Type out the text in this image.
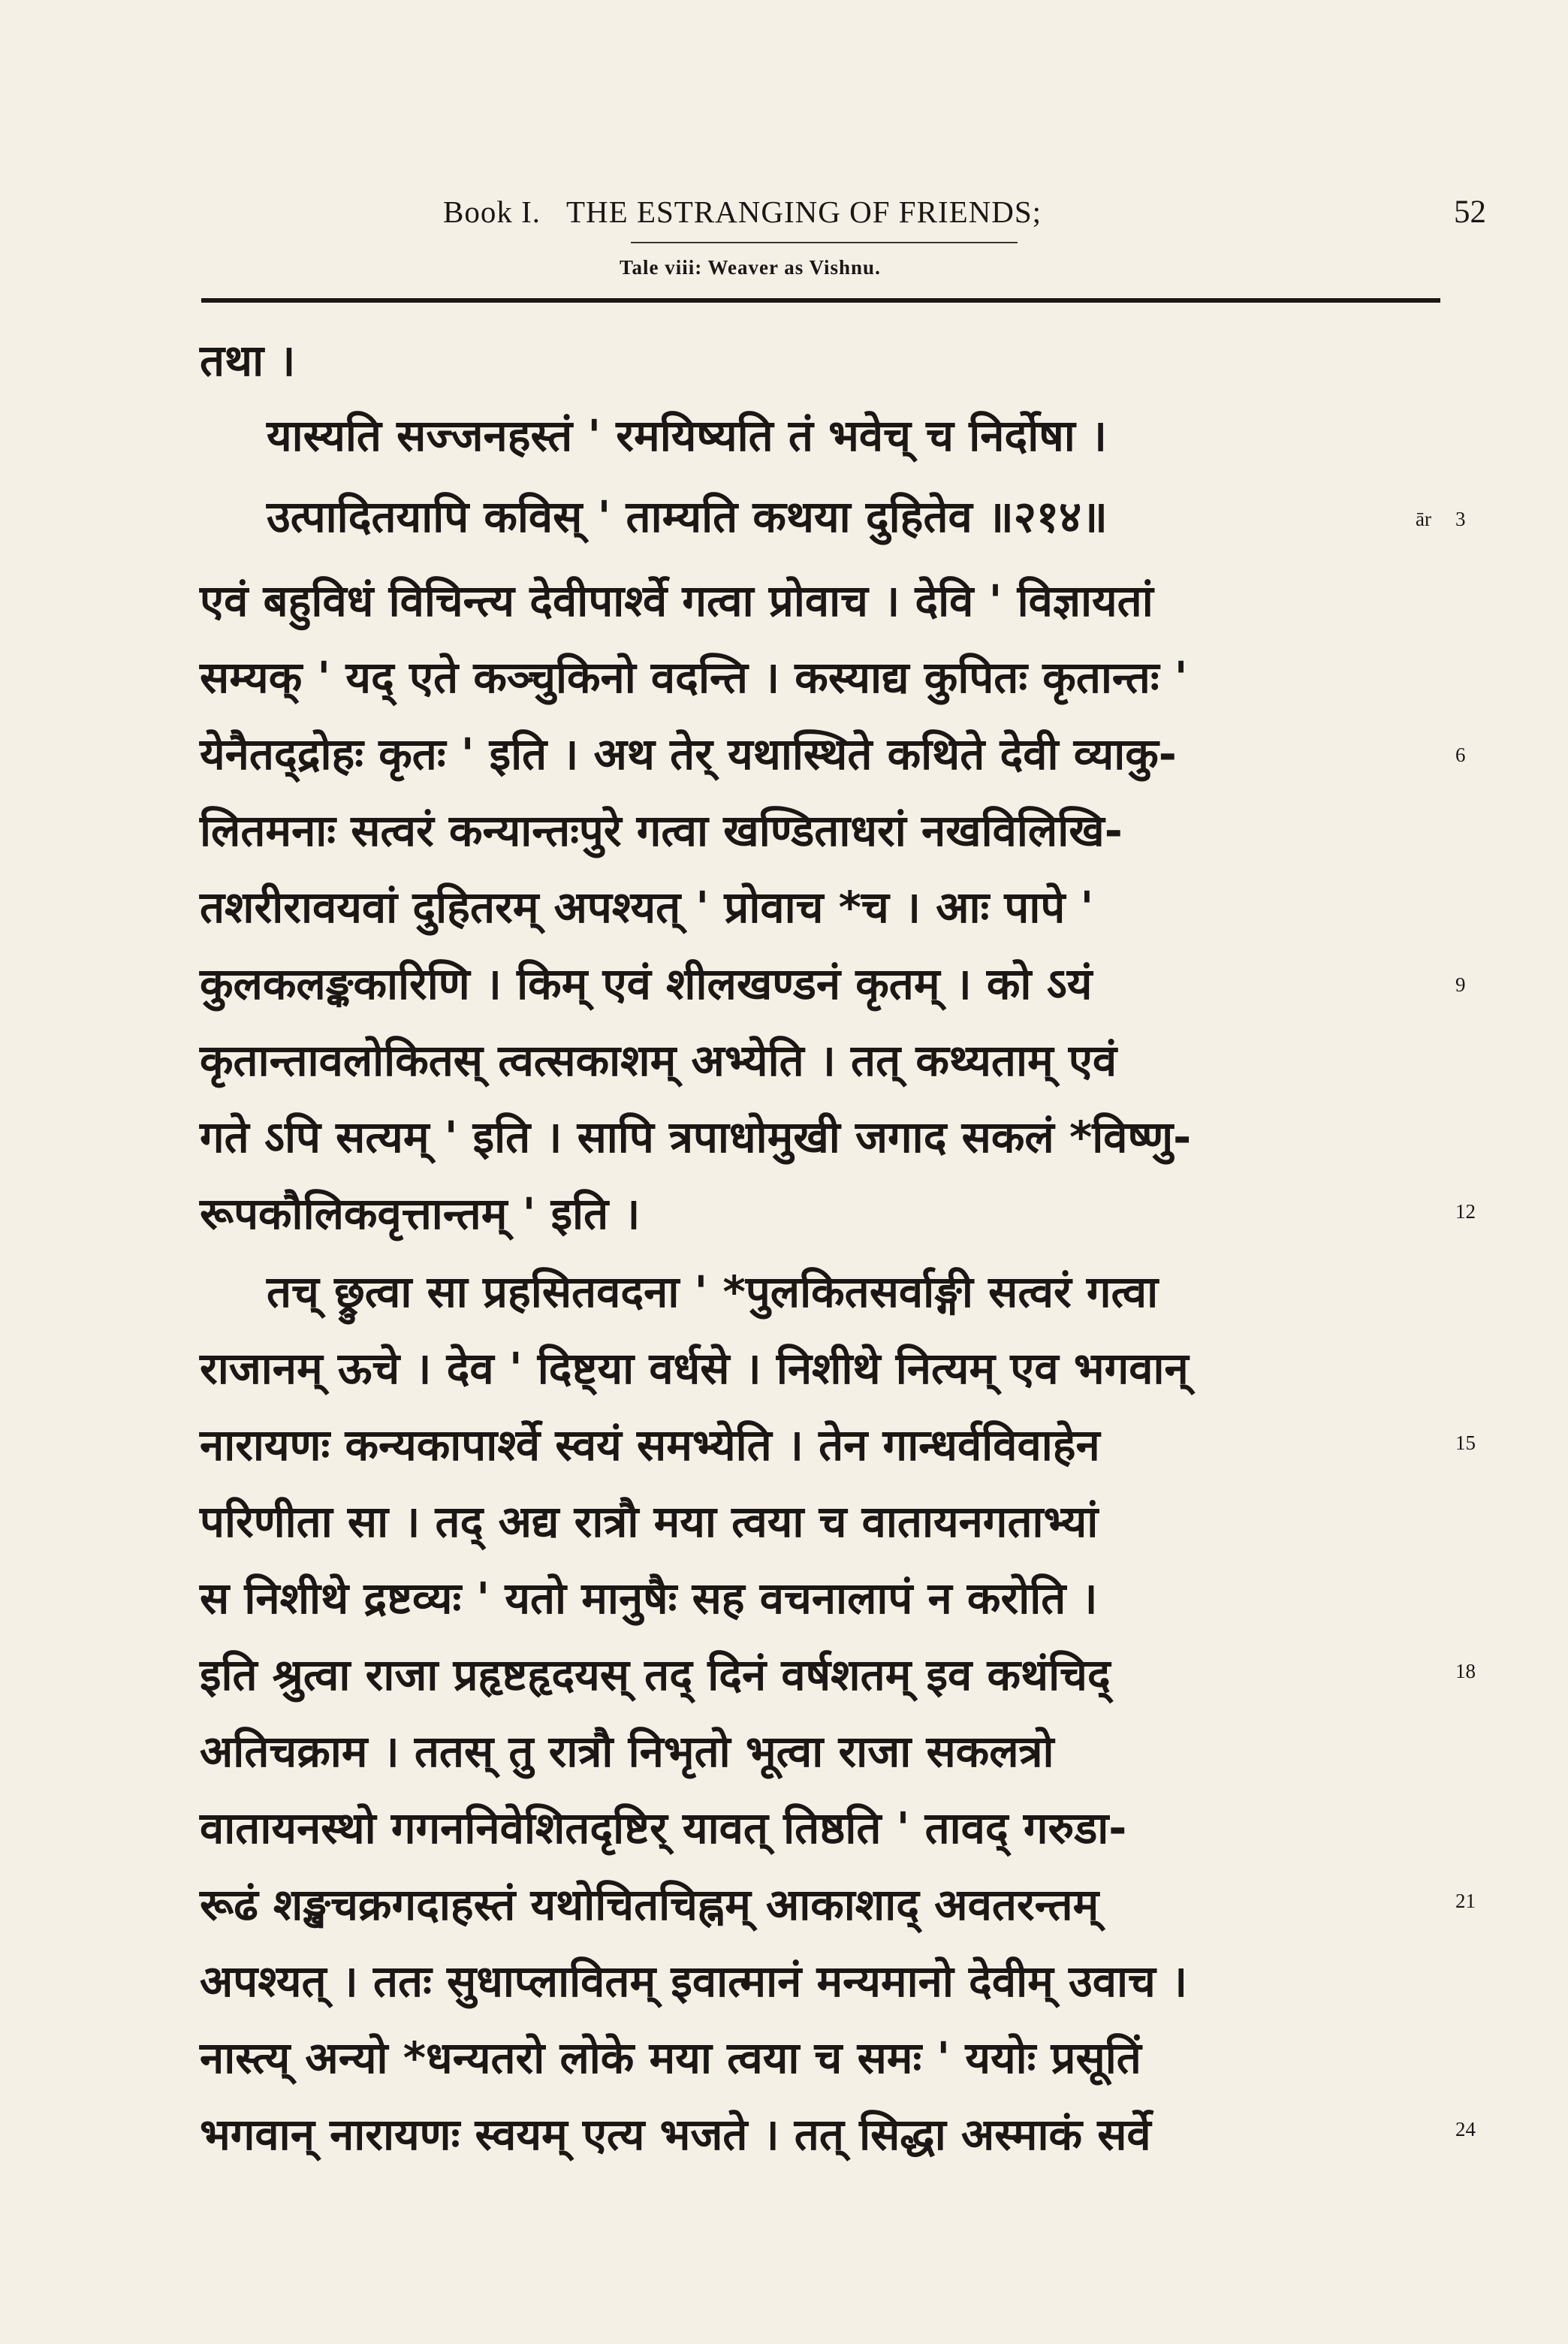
Book I. THE ESTRANGING OF FRIENDS;	52
Tale viii: Weaver as Vishnu.
तथा ।
यास्यति सज्जनहस्तं ' रमयिष्यति तं भवेच् च निर्दोषा ।
उत्पादितयापि कविस् ' ताम्यति कथया दुहितेव ॥२१४॥
एवं बहुविधं विचिन्त्य देवीपार्श्वे गत्वा प्रोवाच । देवि ' विज्ञायतां
सम्यक् ' यद् एते कञ्चुकिनो वदन्ति । कस्याद्य कुपितः कृतान्तः '
येनैतद्द्रोहः कृतः ' इति । अथ तेर् यथास्थिते कथिते देवी व्याकु-
लितमनाः सत्वरं कन्यान्तःपुरे गत्वा खण्डिताधरां नखविलिखि-
तशरीरावयवां दुहितरम् अपश्यत् ' प्रोवाच *च । आः पापे '
कुलकलङ्ककारिणि । किम् एवं शीलखण्डनं कृतम् । को ऽयं
कृतान्तावलोकितस् त्वत्सकाशम् अभ्येति । तत् कथ्यताम् एवं
गते ऽपि सत्यम् ' इति । सापि त्रपाधोमुखी जगाद सकलं *विष्णु-
रूपकौलिकवृत्तान्तम् ' इति ।
तच् छ्रुत्वा सा प्रहसितवदना ' *पुलकितसर्वाङ्गी सत्वरं गत्वा
राजानम् ऊचे । देव ' दिष्ट्या वर्धसे । निशीथे नित्यम् एव भगवान्
नारायणः कन्यकापार्श्वे स्वयं समभ्येति । तेन गान्धर्वविवाहेन
परिणीता सा । तद् अद्य रात्रौ मया त्वया च वातायनगताभ्यां
स निशीथे द्रष्टव्यः ' यतो मानुषैः सह वचनालापं न करोति ।
इति श्रुत्वा राजा प्रहृष्टहृदयस् तद् दिनं वर्षशतम् इव कथंचिद्
अतिचक्राम । ततस् तु रात्रौ निभृतो भूत्वा राजा सकलत्रो
वातायनस्थो गगननिवेशितदृष्टिर् यावत् तिष्ठति ' तावद् गरुडा-
रूढं शङ्खचक्रगदाहस्तं यथोचितचिह्नम् आकाशाद् अवतरन्तम्
अपश्यत् । ततः सुधाप्लावितम् इवात्मानं मन्यमानो देवीम् उवाच ।
नास्त्य् अन्यो *धन्यतरो लोके मया त्वया च समः ' ययोः प्रसूतिं
भगवान् नारायणः स्वयम् एत्य भजते । तत् सिद्धा अस्माकं सर्वे
ār 3
6
9
12
15
18
21
24
